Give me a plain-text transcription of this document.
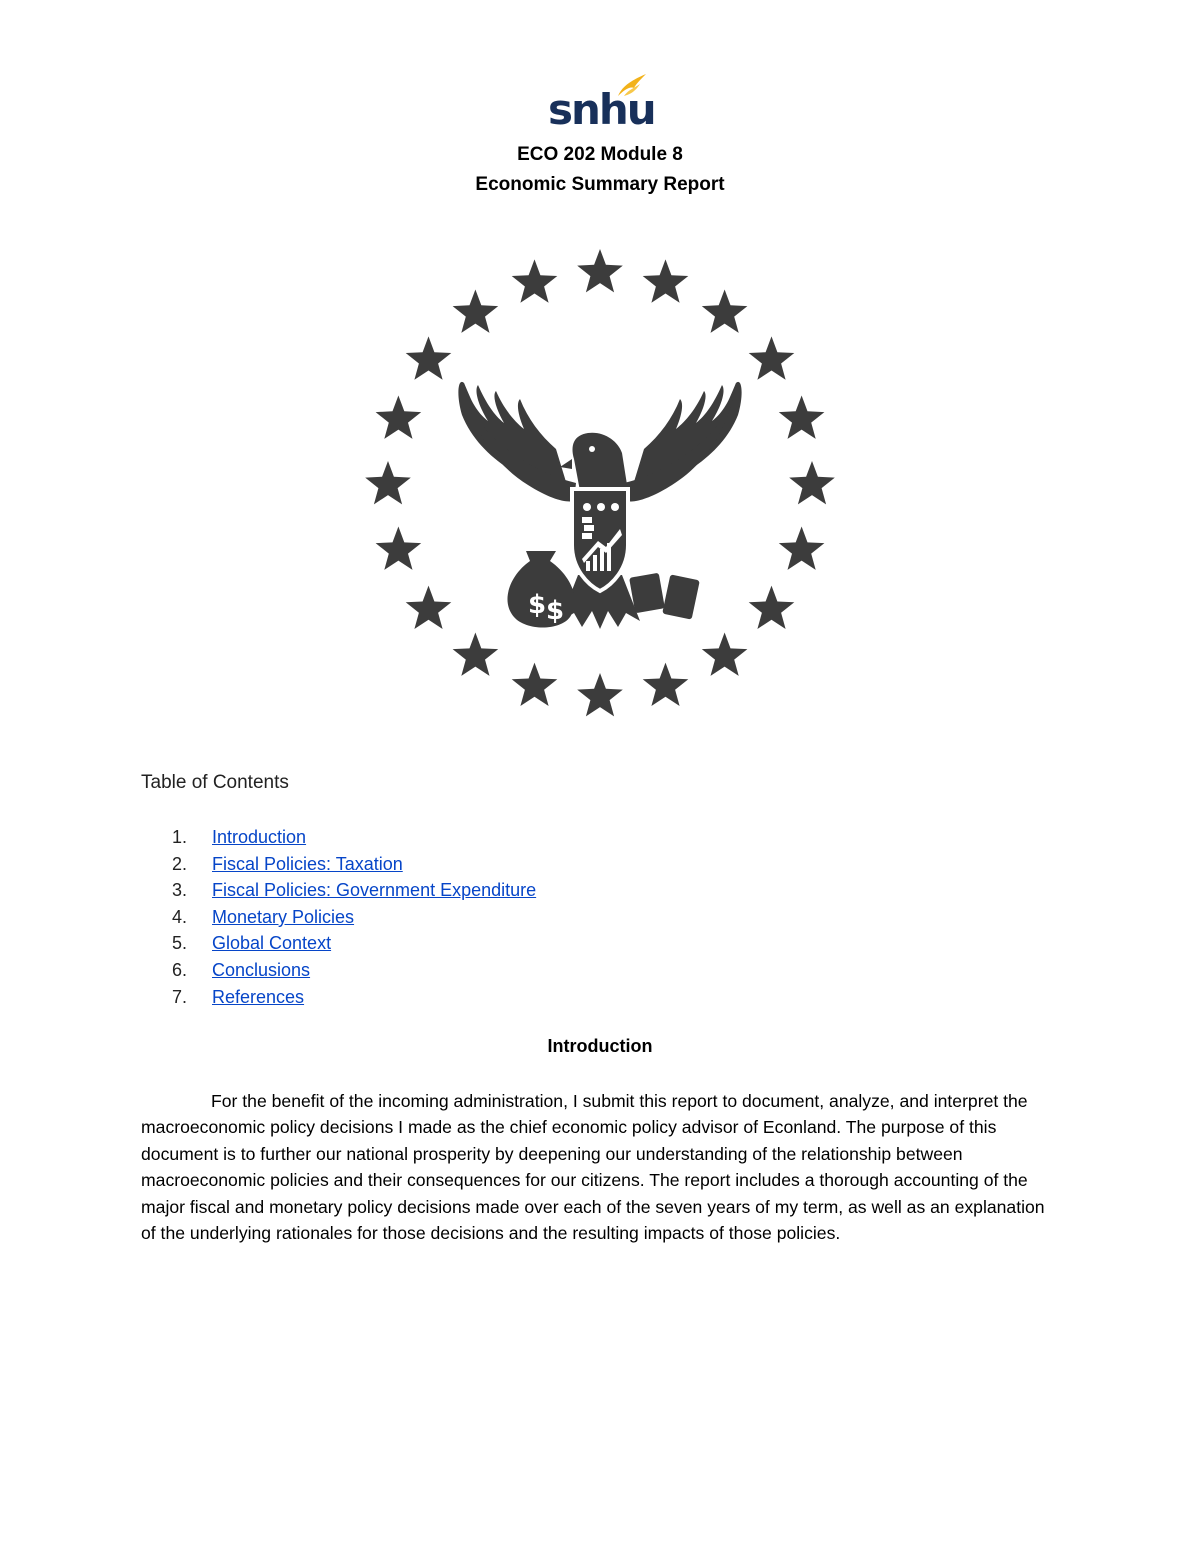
snhu
ECO 202 Module 8
Economic Summary Report
$ $
Table of Contents
1. Introduction
2. Fiscal Policies: Taxation
3. Fiscal Policies: Government Expenditure
4. Monetary Policies
5. Global Context
6. Conclusions
7. References
Introduction

For the benefit of the incoming administration, I submit this report to document, analyze, and interpret the macroeconomic policy decisions I made as the chief economic policy advisor of Econland. The purpose of this document is to further our national prosperity by deepening our understanding of the relationship between macroeconomic policies and their consequences for our citizens. The report includes a thorough accounting of the major fiscal and monetary policy decisions made over each of the seven years of my term, as well as an explanation of the underlying rationales for those decisions and the resulting impacts of those policies.
